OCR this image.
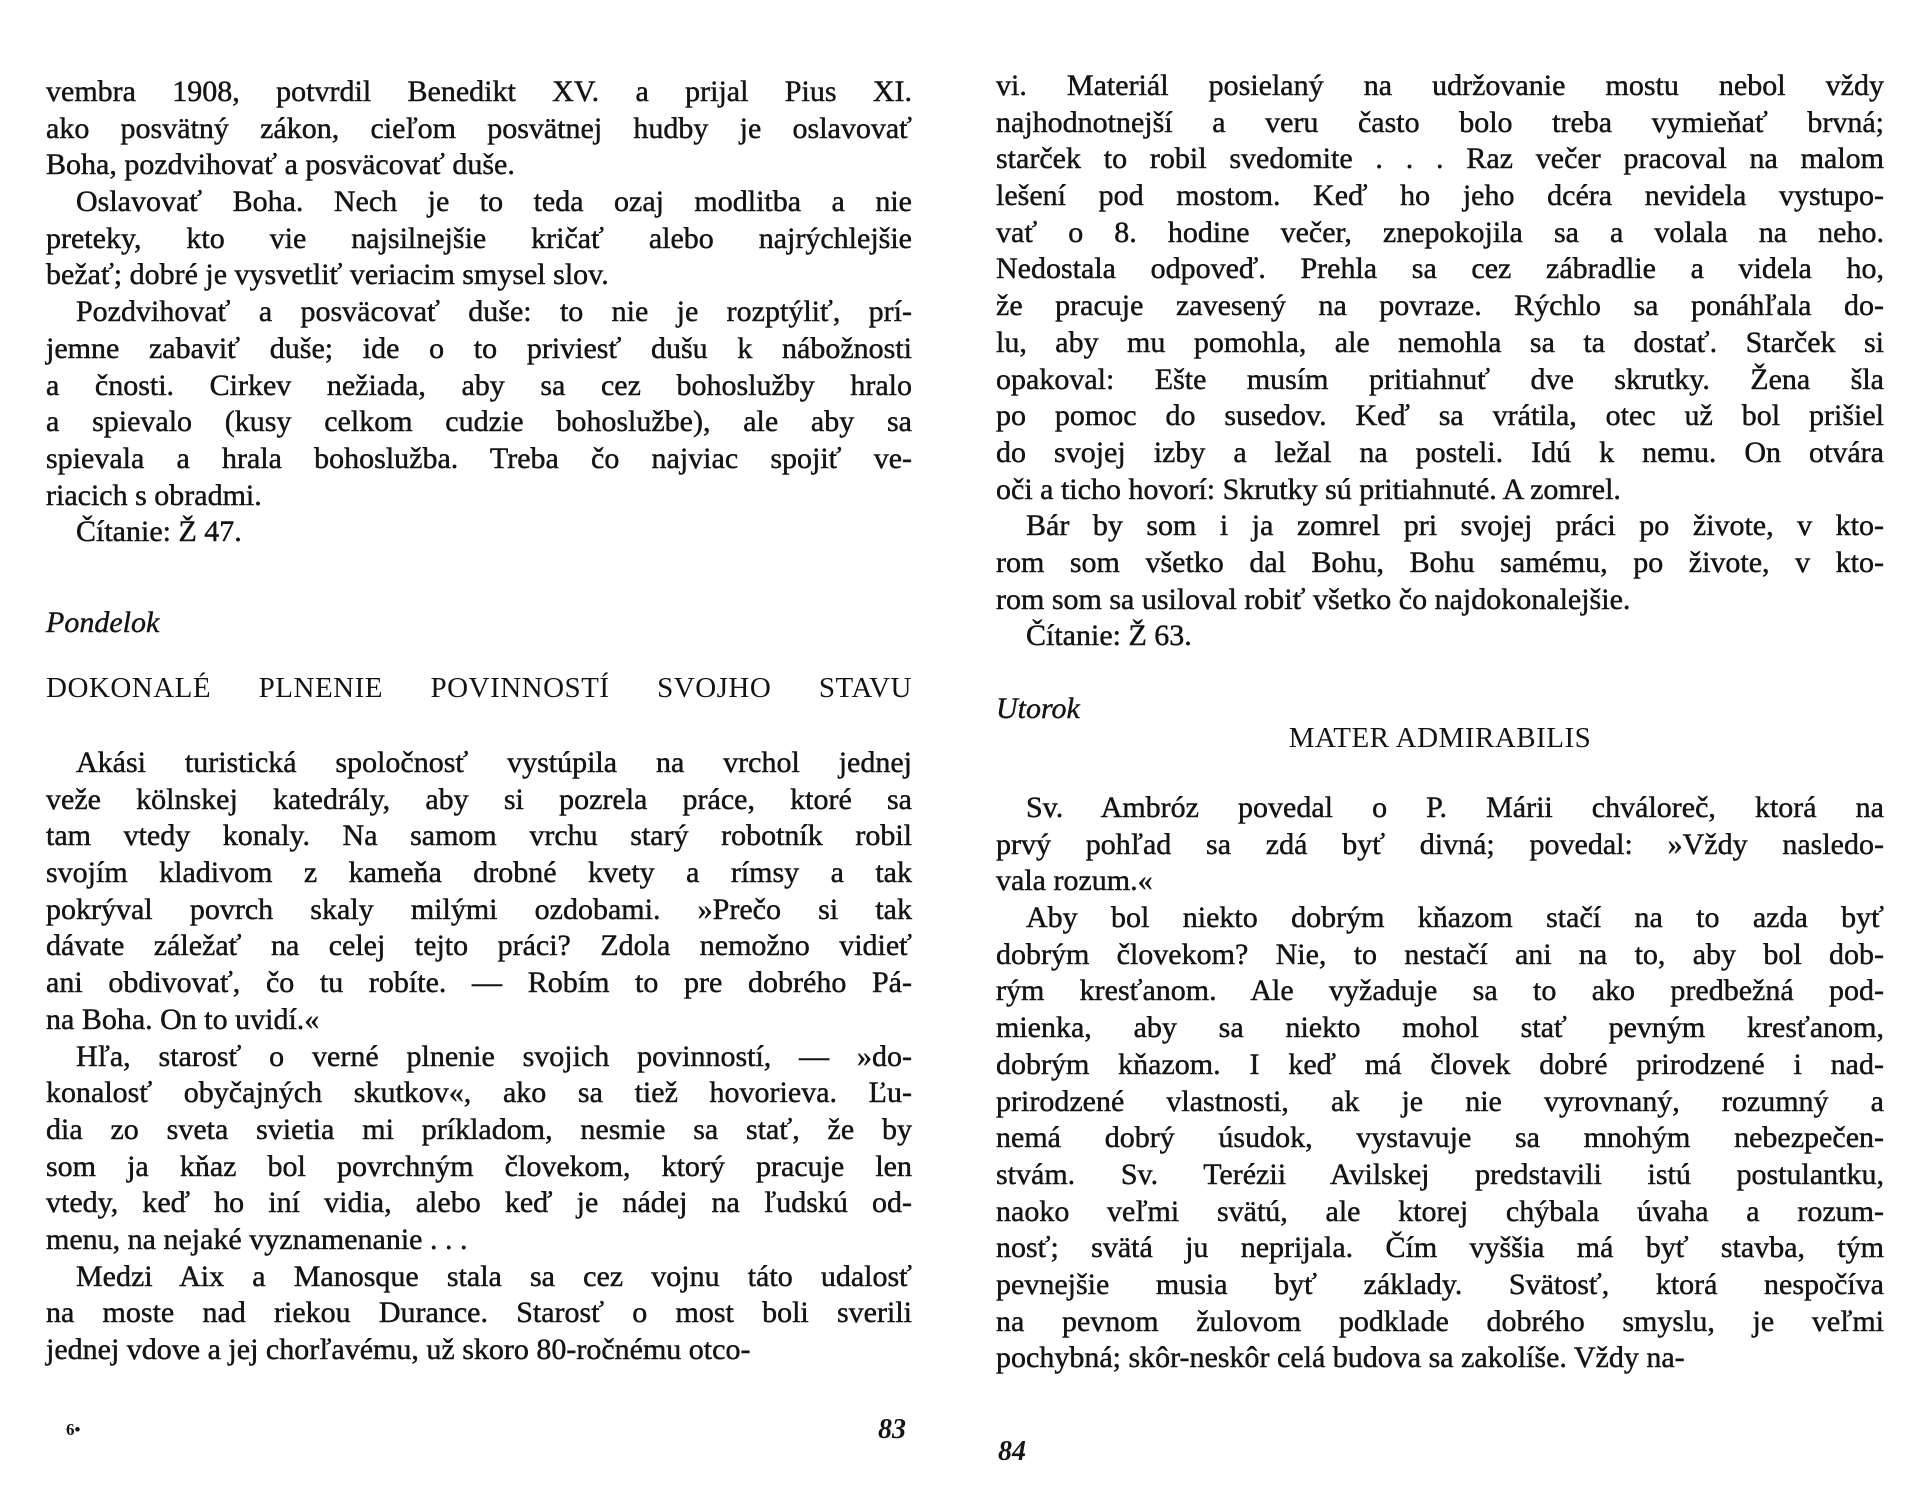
vembra 1908, potvrdil Benedikt XV. a prijal Pius XI.
ako posvätný zákon, cieľom posvätnej hudby je oslavovať
Boha, pozdvihovať a posväcovať duše.
Oslavovať Boha. Nech je to teda ozaj modlitba a nie
preteky, kto vie najsilnejšie kričať alebo najrýchlejšie
bežať; dobré je vysvetliť veriacim smysel slov.
Pozdvihovať a posväcovať duše: to nie je rozptýliť, prí-
jemne zabaviť duše; ide o to priviesť dušu k nábožnosti
a čnosti. Cirkev nežiada, aby sa cez bohoslužby hralo
a spievalo (kusy celkom cudzie bohoslužbe), ale aby sa
spievala a hrala bohoslužba. Treba čo najviac spojiť ve-
riacich s obradmi.
Čítanie: Ž 47.
Pondelok
DOKONALÉ PLNENIE POVINNOSTÍ SVOJHO STAVU
Akási turistická spoločnosť vystúpila na vrchol jednej
veže kölnskej katedrály, aby si pozrela práce, ktoré sa
tam vtedy konaly. Na samom vrchu starý robotník robil
svojím kladivom z kameňa drobné kvety a rímsy a tak
pokrýval povrch skaly milými ozdobami. »Prečo si tak
dávate záležať na celej tejto práci? Zdola nemožno vidieť
ani obdivovať, čo tu robíte. — Robím to pre dobrého Pá-
na Boha. On to uvidí.«
Hľa, starosť o verné plnenie svojich povinností, — »do-
konalosť obyčajných skutkov«, ako sa tiež hovorieva. Ľu-
dia zo sveta svietia mi príkladom, nesmie sa stať, že by
som ja kňaz bol povrchným človekom, ktorý pracuje len
vtedy, keď ho iní vidia, alebo keď je nádej na ľudskú od-
menu, na nejaké vyznamenanie . . .
Medzi Aix a Manosque stala sa cez vojnu táto udalosť
na moste nad riekou Durance. Starosť o most boli sverili
jednej vdove a jej chorľavému, už skoro 80-ročnému otco-
6•	83
vi. Materiál posielaný na udržovanie mostu nebol vždy
najhodnotnejší a veru často bolo treba vymieňať brvná;
starček to robil svedomite . . . Raz večer pracoval na malom
lešení pod mostom. Keď ho jeho dcéra nevidela vystupo-
vať o 8. hodine večer, znepokojila sa a volala na neho.
Nedostala odpoveď. Prehla sa cez zábradlie a videla ho,
že pracuje zavesený na povraze. Rýchlo sa ponáhľala do-
lu, aby mu pomohla, ale nemohla sa ta dostať. Starček si
opakoval: Ešte musím pritiahnuť dve skrutky. Žena šla
po pomoc do susedov. Keď sa vrátila, otec už bol prišiel
do svojej izby a ležal na posteli. Idú k nemu. On otvára
oči a ticho hovorí: Skrutky sú pritiahnuté. A zomrel.
Bár by som i ja zomrel pri svojej práci po živote, v kto-
rom som všetko dal Bohu, Bohu samému, po živote, v kto-
rom som sa usiloval robiť všetko čo najdokonalejšie.
Čítanie: Ž 63.
Utorok
MATER ADMIRABILIS
Sv. Ambróz povedal o P. Márii chválorеč, ktorá na
prvý pohľad sa zdá byť divná; povedal: »Vždy nasledo-
vala rozum.«
Aby bol niekto dobrým kňazom stačí na to azda byť
dobrým človekom? Nie, to nestačí ani na to, aby bol dob-
rým kresťanom. Ale vyžaduje sa to ako predbežná pod-
mienka, aby sa niekto mohol stať pevným kresťanom,
dobrým kňazom. I keď má človek dobré prirodzené i nad-
prirodzené vlastnosti, ak je nie vyrovnaný, rozumný a
nemá dobrý úsudok, vystavuje sa mnohým nebezpečen-
stvám. Sv. Terézii Avilskej predstavili istú postulantku,
naoko veľmi svätú, ale ktorej chýbala úvaha a rozum-
nosť; svätá ju neprijala. Čím vyššia má byť stavba, tým
pevnejšie musia byť základy. Svätosť, ktorá nespočíva
na pevnom žulovom podklade dobrého smyslu, je veľmi
pochybná; skôr-neskôr celá budova sa zakolíše. Vždy na-
84
